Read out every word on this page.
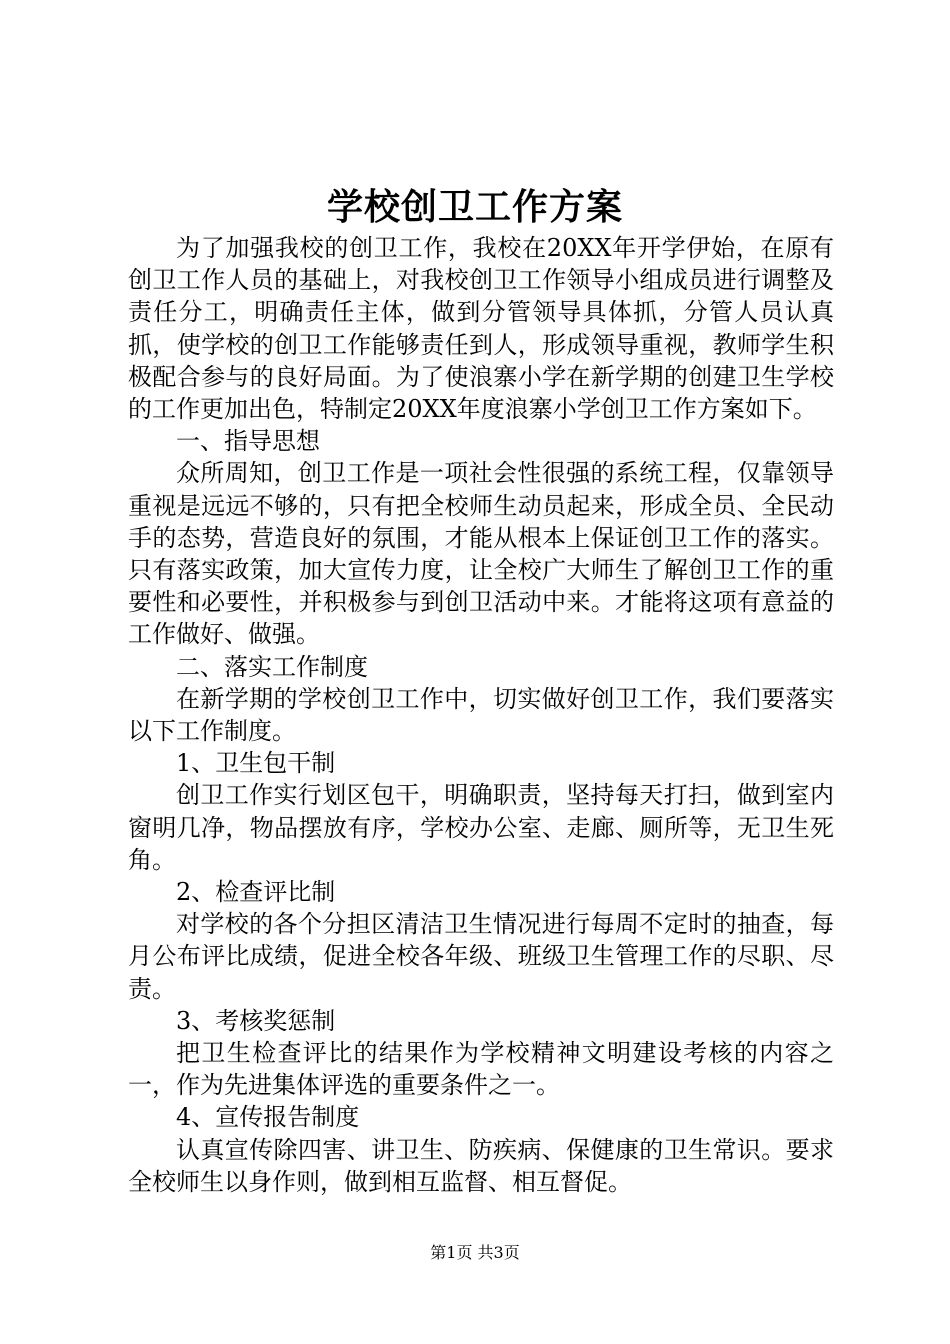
学校创卫工作方案

为了加强我校的创卫工作，我校在20XX年开学伊始，在原有创卫工作人员的基础上，对我校创卫工作领导小组成员进行调整及责任分工，明确责任主体，做到分管领导具体抓，分管人员认真抓，使学校的创卫工作能够责任到人，形成领导重视，教师学生积极配合参与的良好局面。为了使浪寨小学在新学期的创建卫生学校的工作更加出色，特制定20XX年度浪寨小学创卫工作方案如下。

一、指导思想

众所周知，创卫工作是一项社会性很强的系统工程，仅靠领导重视是远远不够的，只有把全校师生动员起来，形成全员、全民动手的态势，营造良好的氛围，才能从根本上保证创卫工作的落实。只有落实政策，加大宣传力度，让全校广大师生了解创卫工作的重要性和必要性，并积极参与到创卫活动中来。才能将这项有意益的工作做好、做强。

二、落实工作制度

在新学期的学校创卫工作中，切实做好创卫工作，我们要落实以下工作制度。

1、卫生包干制

创卫工作实行划区包干，明确职责，坚持每天打扫，做到室内窗明几净，物品摆放有序，学校办公室、走廊、厕所等，无卫生死角。

2、检查评比制

对学校的各个分担区清洁卫生情况进行每周不定时的抽查，每月公布评比成绩，促进全校各年级、班级卫生管理工作的尽职、尽责。

3、考核奖惩制

把卫生检查评比的结果作为学校精神文明建设考核的内容之一，作为先进集体评选的重要条件之一。

4、宣传报告制度

认真宣传除四害、讲卫生、防疾病、保健康的卫生常识。要求全校师生以身作则，做到相互监督、相互督促。

第1页 共3页
